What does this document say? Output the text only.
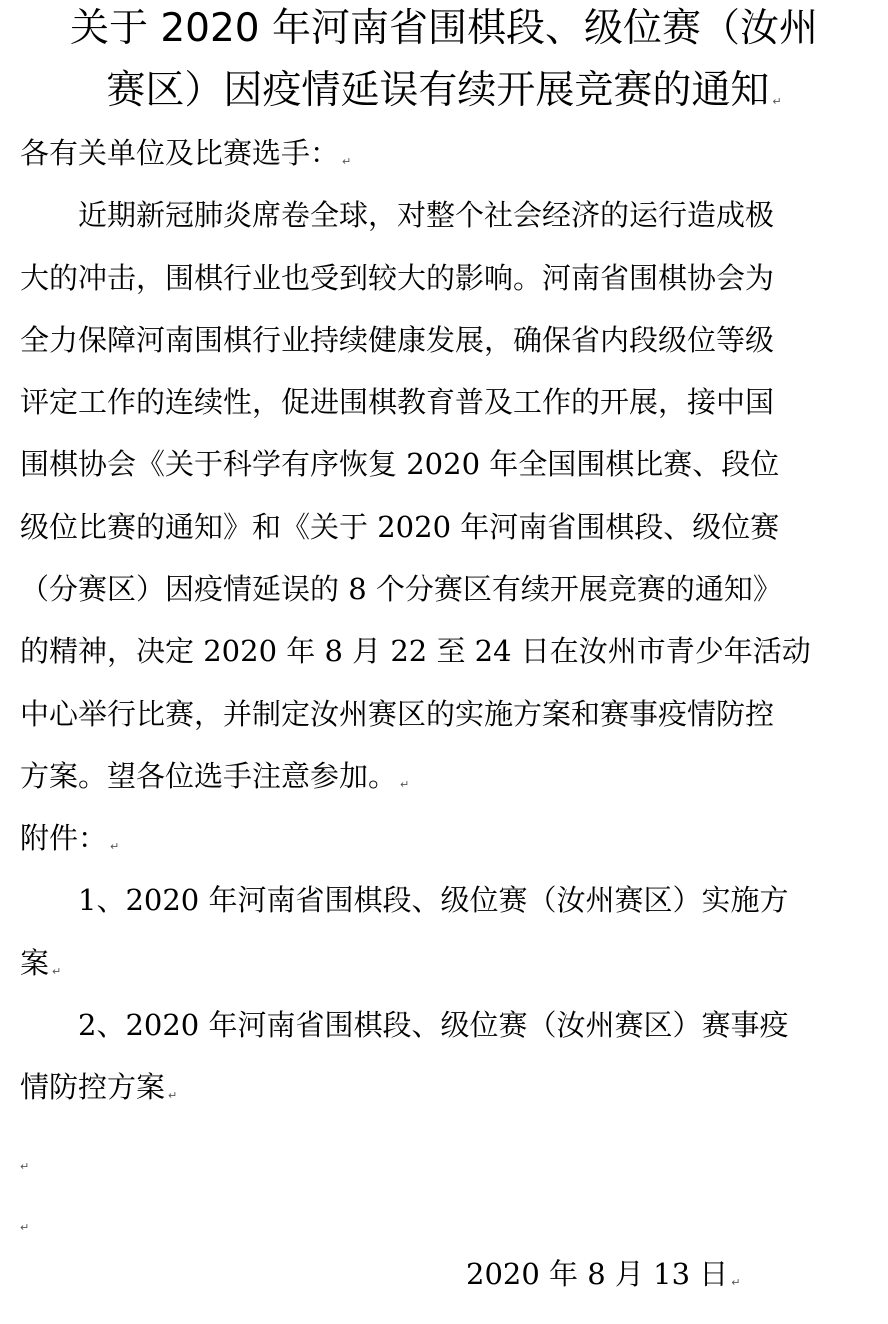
关于 2020 年河南省围棋段、级位赛（汝州
赛区）因疫情延误有续开展竞赛的通知 ↵
各有关单位及比赛选手： ↵
　　近期新冠肺炎席卷全球，对整个社会经济的运行造成极
大的冲击，围棋行业也受到较大的影响。河南省围棋协会为
全力保障河南围棋行业持续健康发展，确保省内段级位等级
评定工作的连续性，促进围棋教育普及工作的开展，接中国
围棋协会《关于科学有序恢复 2020 年全国围棋比赛、段位
级位比赛的通知》和《关于 2020 年河南省围棋段、级位赛
（分赛区）因疫情延误的 8 个分赛区有续开展竞赛的通知》
的精神，决定 2020 年 8 月 22 至 24 日在汝州市青少年活动
中心举行比赛，并制定汝州赛区的实施方案和赛事疫情防控
方案。望各位选手注意参加。 ↵
附件： ↵
　　1、2020 年河南省围棋段、级位赛（汝州赛区）实施方
案 ↵
　　2、2020 年河南省围棋段、级位赛（汝州赛区）赛事疫
情防控方案 ↵
↵
↵
2020 年 8 月 13 日 ↵
